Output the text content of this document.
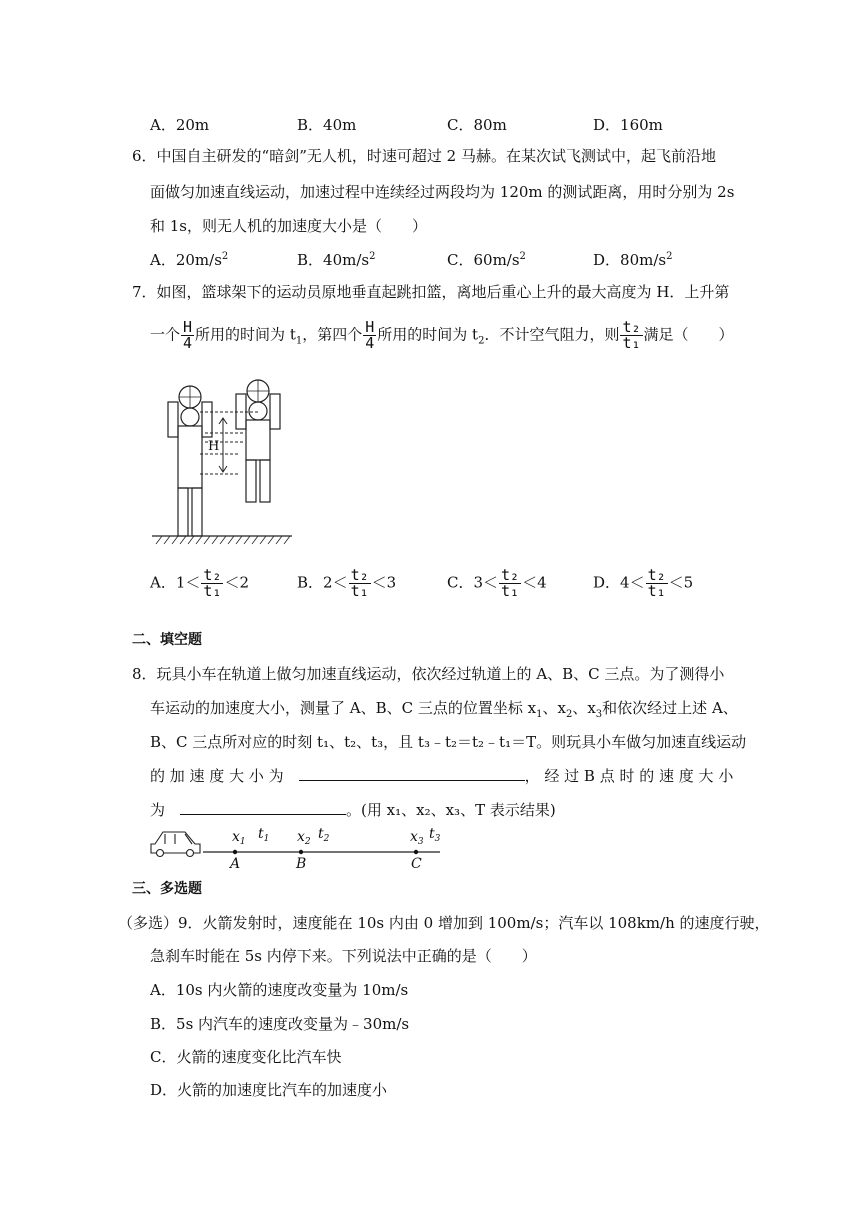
A．20m	B．40m	C．80m	D．160m
6．中国自主研发的“暗剑”无人机，时速可超过 2 马赫。在某次试飞测试中，起飞前沿地
面做匀加速直线运动，加速过程中连续经过两段均为 120m 的测试距离，用时分别为 2s
和 1s，则无人机的加速度大小是（　　）
A．$20m/s^2$	B．$40m/s^2$	C．$60m/s^2$	D．$80m/s^2$
7．如图，篮球架下的运动员原地垂直起跳扣篮，离地后重心上升的最大高度为 H．上升第
一个 $\frac{H}{4}$ 所用的时间为 $t_1$，第四个 $\frac{H}{4}$ 所用的时间为 $t_2$．不计空气阻力，则 $\frac{\text{t₂}}{\text{t₁}}$ 满足（　　）
H
A．$1< \frac{\text{t₂}}{\text{t₁}} <2$	B．$2< \frac{\text{t₂}}{\text{t₁}} <3$	C．$3< \frac{\text{t₂}}{\text{t₁}} <4$	D．$4< \frac{\text{t₂}}{\text{t₁}} <5$
二、填空题
8．玩具小车在轨道上做匀加速直线运动，依次经过轨道上的 A、B、C 三点。为了测得小
车运动的加速度大小，测量了 A、B、C 三点的位置坐标 $x_1$、$x_2$、$x_3$和依次经过上述 A、
B、C 三点所对应的时刻 t₁、t₂、t₃，且 t₃﹣t₂＝t₂﹣t₁＝T。则玩具小车做匀加速直线运动
的 加 速 度 大 小 为　	， 经 过 B 点 时 的 速 度 大 小
为　	。(用 x₁、x₂、x₃、T 表示结果)
$x_1$ $t_1$ $x_2$ $t_2$	$x_3$ $t_3$
A	B	C
三、多选题
（多选）9．火箭发射时，速度能在 10s 内由 0 增加到 100m/s；汽车以 108km/h 的速度行驶，
急刹车时能在 5s 内停下来。下列说法中正确的是（　　）
A．10s 内火箭的速度改变量为 10m/s
B．5s 内汽车的速度改变量为﹣30m/s
C．火箭的速度变化比汽车快
D．火箭的加速度比汽车的加速度小
